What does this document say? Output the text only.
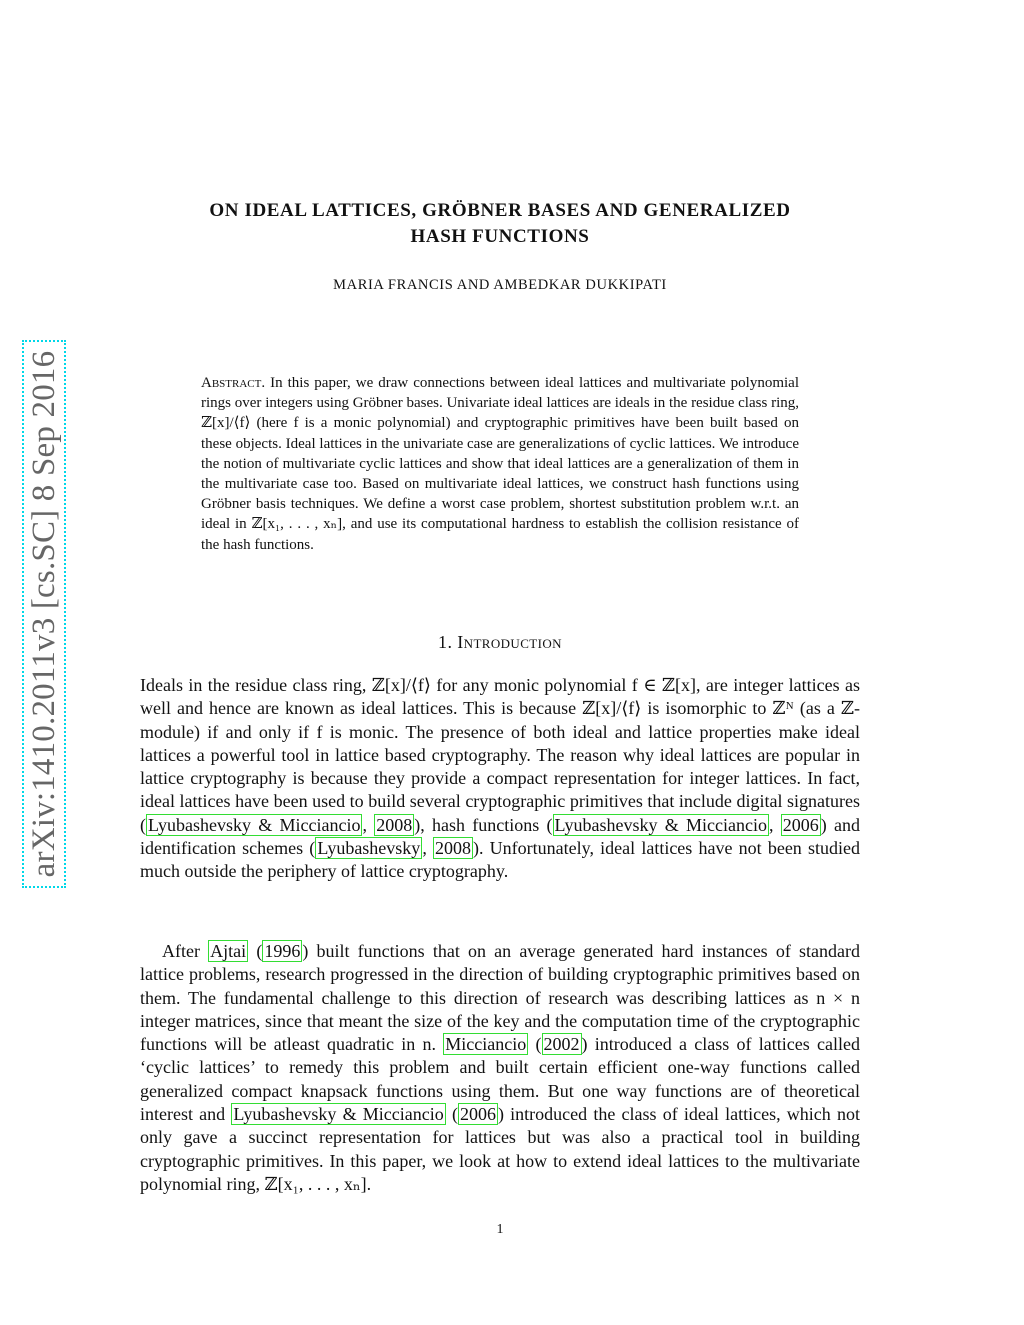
arXiv:1410.2011v3 [cs.SC] 8 Sep 2016
ON IDEAL LATTICES, GRÖBNER BASES AND GENERALIZED
HASH FUNCTIONS
MARIA FRANCIS AND AMBEDKAR DUKKIPATI
Abstract. In this paper, we draw connections between ideal lattices and multivariate polynomial rings over integers using Gröbner bases. Univariate ideal lattices are ideals in the residue class ring, ℤ[x]/⟨f⟩ (here f is a monic polynomial) and cryptographic primitives have been built based on these objects. Ideal lattices in the univariate case are generalizations of cyclic lattices. We introduce the notion of multivariate cyclic lattices and show that ideal lattices are a generalization of them in the multivariate case too. Based on multivariate ideal lattices, we construct hash functions using Gröbner basis techniques. We define a worst case problem, shortest substitution problem w.r.t. an ideal in ℤ[x₁, . . . , xₙ], and use its computational hardness to establish the collision resistance of the hash functions.
1. Introduction
Ideals in the residue class ring, ℤ[x]/⟨f⟩ for any monic polynomial f ∈ ℤ[x], are integer lattices as well and hence are known as ideal lattices. This is because ℤ[x]/⟨f⟩ is isomorphic to ℤᴺ (as a ℤ-module) if and only if f is monic. The presence of both ideal and lattice properties make ideal lattices a powerful tool in lattice based cryptography. The reason why ideal lattices are popular in lattice cryptography is because they provide a compact representation for integer lattices. In fact, ideal lattices have been used to build several cryptographic primitives that include digital signatures ( Lyubashevsky & Micciancio , 2008 ), hash functions ( Lyubashevsky & Micciancio , 2006 ) and identification schemes ( Lyubashevsky , 2008 ). Unfortunately, ideal lattices have not been studied much outside the periphery of lattice cryptography.
After Ajtai ( 1996 ) built functions that on an average generated hard instances of standard lattice problems, research progressed in the direction of building cryptographic primitives based on them. The fundamental challenge to this direction of research was describing lattices as n × n integer matrices, since that meant the size of the key and the computation time of the cryptographic functions will be atleast quadratic in n. Micciancio ( 2002 ) introduced a class of lattices called ‘cyclic lattices’ to remedy this problem and built certain efficient one-way functions called generalized compact knapsack functions using them. But one way functions are of theoretical interest and Lyubashevsky & Micciancio ( 2006 ) introduced the class of ideal lattices, which not only gave a succinct representation for lattices but was also a practical tool in building cryptographic primitives. In this paper, we look at how to extend ideal lattices to the multivariate polynomial ring, ℤ[x₁, . . . , xₙ].
1
